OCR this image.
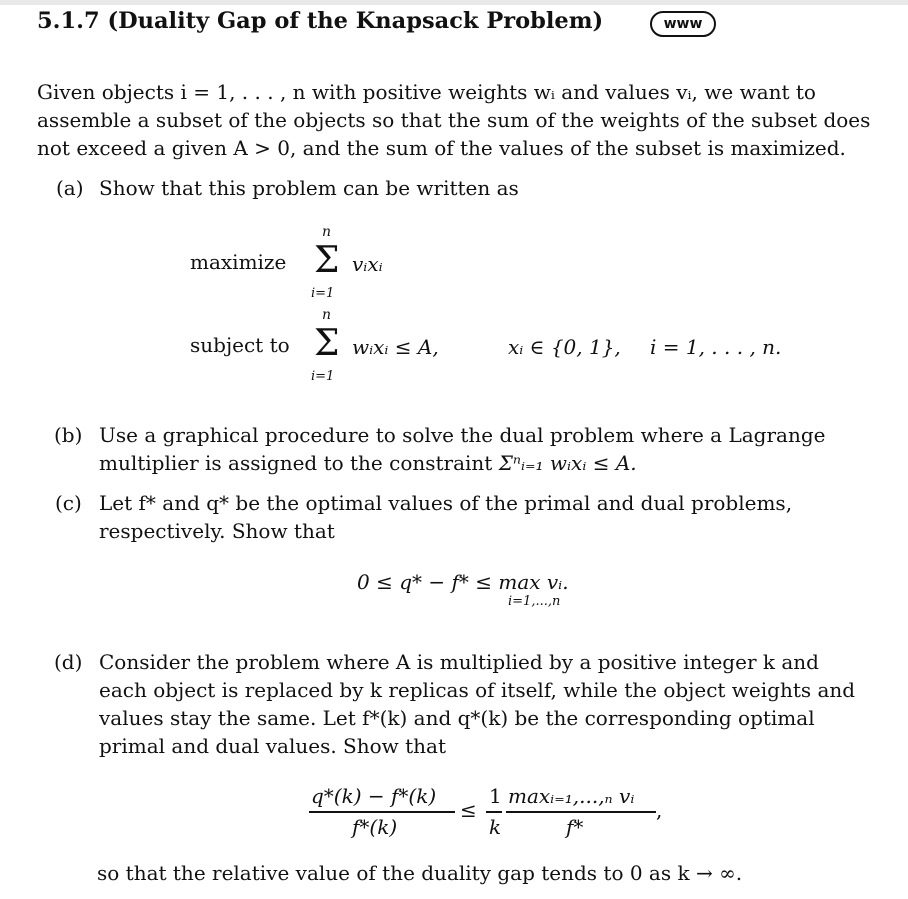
5.1.7 (Duality Gap of the Knapsack Problem)	www
Given objects i = 1, . . . , n with positive weights wᵢ and values vᵢ, we want to
assemble a subset of the objects so that the sum of the weights of the subset does
not exceed a given A > 0, and the sum of the values of the subset is maximized.
(a) Show that this problem can be written as
maximize
n
Σ
i=1
vᵢxᵢ
subject to
n
Σ
i=1
wᵢxᵢ ≤ A,	xᵢ ∈ {0, 1}, i = 1, . . . , n.
(b) Use a graphical procedure to solve the dual problem where a Lagrange
multiplier is assigned to the constraint Σⁿᵢ₌₁ wᵢxᵢ ≤ A.
(c) Let f* and q* be the optimal values of the primal and dual problems,
respectively. Show that
0 ≤ q* − f* ≤ max vᵢ.
i=1,...,n
(d) Consider the problem where A is multiplied by a positive integer k and
each object is replaced by k replicas of itself, while the object weights and
values stay the same. Let f*(k) and q*(k) be the corresponding optimal
primal and dual values. Show that
q*(k) − f*(k)
f*(k)
≤
1
k
maxᵢ₌₁,...,ₙ vᵢ
f*
,
so that the relative value of the duality gap tends to 0 as k → ∞.
